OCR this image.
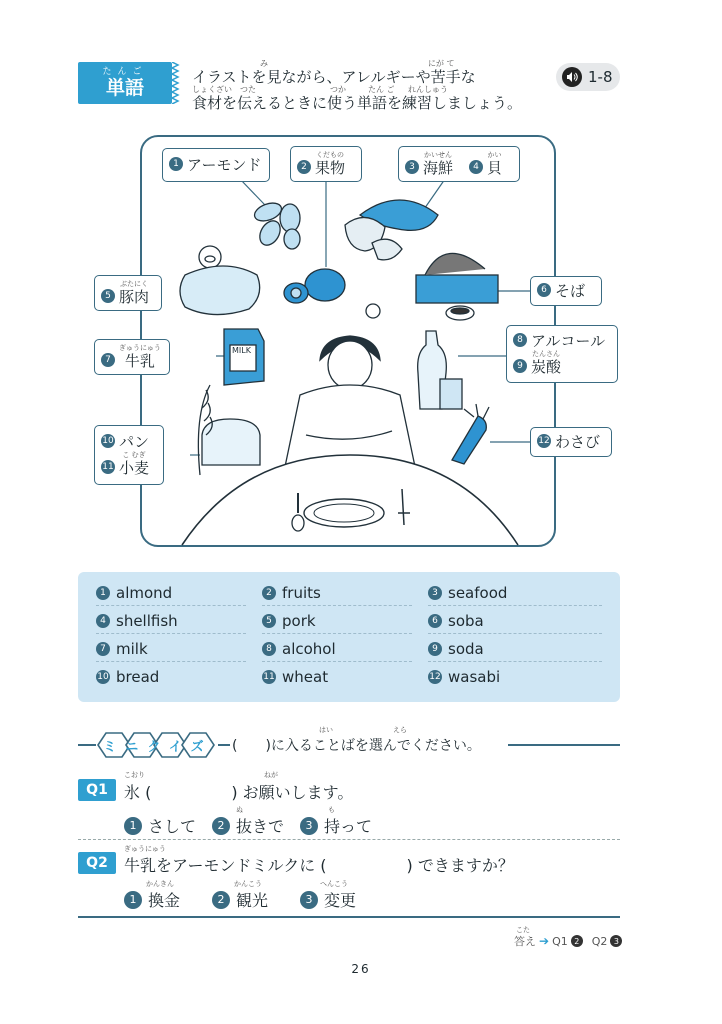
たんご
単語
み	にが て
イラストを見ながら、アレルギーや苦手な
しょくざい つた	つか	たん ご れんしゅう
食材を伝えるときに使う単語を練習しましょう。
1-8
MILK
1 アーモンド	2
くだもの
果物	3
かいせん
海鮮	4
かい
貝
5
ぶたにく
豚肉	6 そば
7
ぎゅうにゅう
牛乳
8 アルコール
9
たんさん
炭酸
10 パン
11
こ むぎ
小麦
12 わさび
1 almond	2 fruits	3 seafood
4 shellfish	5 pork	6 soba
7 milk	8 alcohol	9 soda
10 bread	11 wheat	12 wasabi
ミニクイズ
はい	えら
(　　)に入ることばを選んでください。
Q1
こおり	ねが
氷 (　　　　　) お願いします。
1 さして
ぬ
2 抜きで
も
3 持って
Q2
ぎゅうにゅう
牛乳をアーモンドミルクに (　　　　　) できますか？
かんきん
1 換金
かんこう
2 観光
へんこう
3 変更
こた
答え ➔ Q1 2	Q2 3
26
